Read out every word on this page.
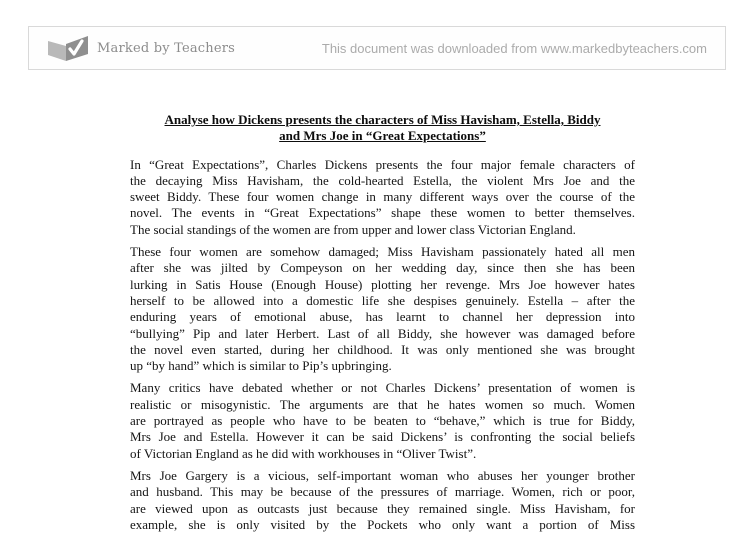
Marked by Teachers	This document was downloaded from www.markedbyteachers.com
Analyse how Dickens presents the characters of Miss Havisham, Estella, Biddy
and Mrs Joe in “Great Expectations”
In “Great Expectations”, Charles Dickens presents the four major female characters of
the decaying Miss Havisham, the cold-hearted Estella, the violent Mrs Joe and the
sweet Biddy. These four women change in many different ways over the course of the
novel. The events in “Great Expectations” shape these women to better themselves.
The social standings of the women are from upper and lower class Victorian England.
These four women are somehow damaged; Miss Havisham passionately hated all men
after she was jilted by Compeyson on her wedding day, since then she has been
lurking in Satis House (Enough House) plotting her revenge. Mrs Joe however hates
herself to be allowed into a domestic life she despises genuinely. Estella – after the
enduring years of emotional abuse, has learnt to channel her depression into
“bullying” Pip and later Herbert. Last of all Biddy, she however was damaged before
the novel even started, during her childhood. It was only mentioned she was brought
up “by hand” which is similar to Pip’s upbringing.
Many critics have debated whether or not Charles Dickens’ presentation of women is
realistic or misogynistic. The arguments are that he hates women so much. Women
are portrayed as people who have to be beaten to “behave,” which is true for Biddy,
Mrs Joe and Estella. However it can be said Dickens’ is confronting the social beliefs
of Victorian England as he did with workhouses in “Oliver Twist”.
Mrs Joe Gargery is a vicious, self-important woman who abuses her younger brother
and husband. This may be because of the pressures of marriage. Women, rich or poor,
are viewed upon as outcasts just because they remained single. Miss Havisham, for
example, she is only visited by the Pockets who only want a portion of Miss
